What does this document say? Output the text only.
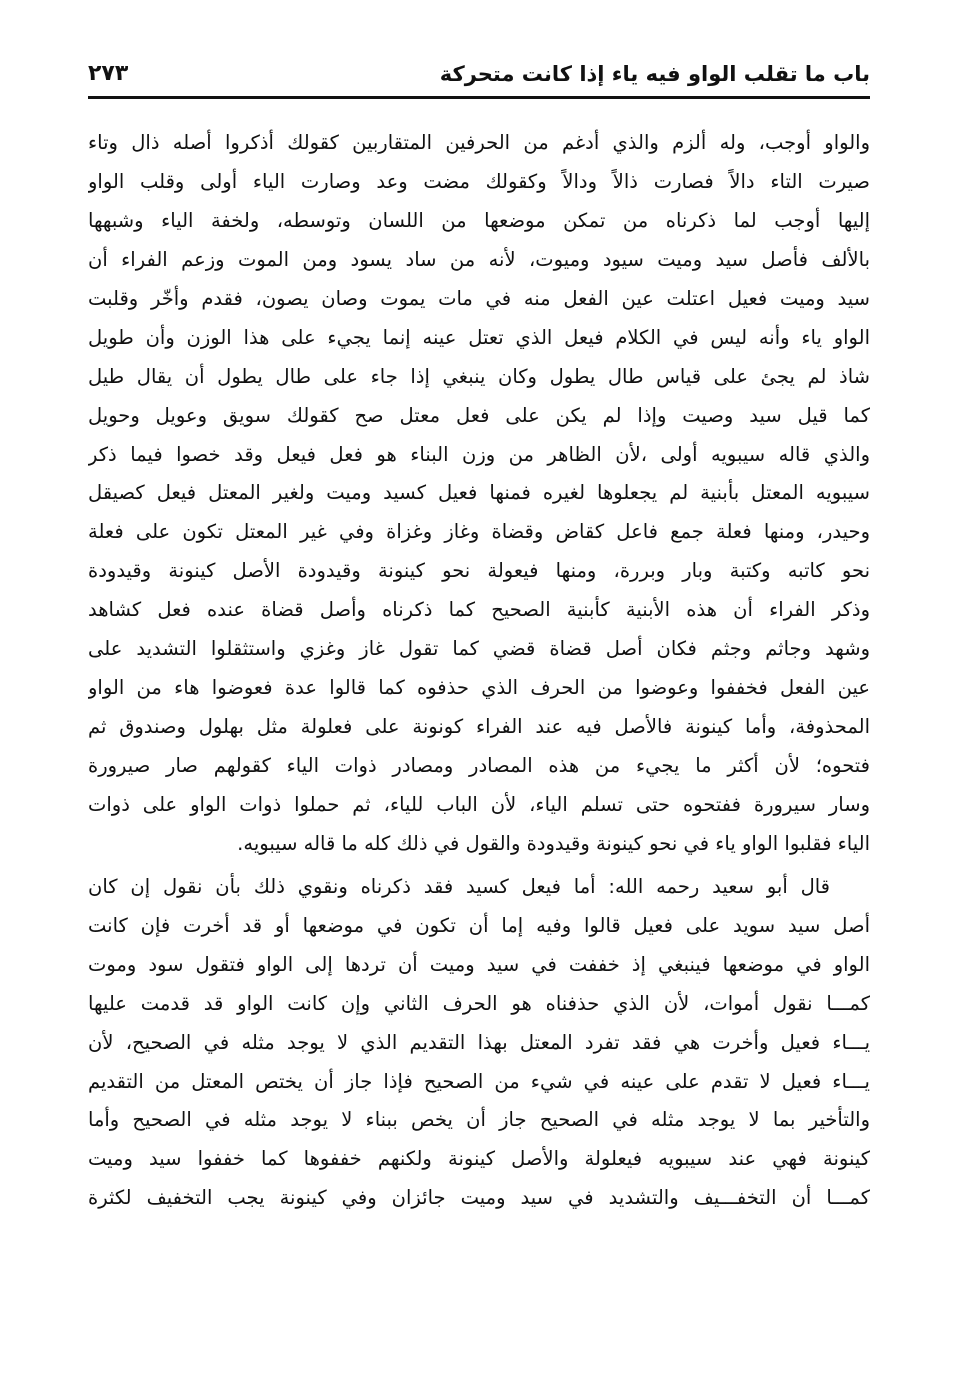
باب ما تقلب الواو فيه ياء إذا كانت متحركة
٢٧٣
والواو أوجب، وله ألزم والذي أدغم من الحرفين المتقاربين كقولك أذكروا أصله ذال وتاء
صيرت التاء دالاً فصارت ذالاً ودالاً وكقولك مضت وعد وصارت الياء أولى وقلب الواو
إليها أوجب لما ذكرناه من تمكن موضعها من اللسان وتوسطه، ولخفة الياء وشبهها
بالألف فأصل سيد وميت سيود وميوت، لأنه من ساد يسود ومن الموت وزعم الفراء أن
سيد وميت فعيل اعتلت عين الفعل منه في مات يموت وصان يصون، فقدم وأخّر وقلبت
الواو ياء وأنه ليس في الكلام فيعل الذي تعتل عينه إنما يجيء على هذا الوزن وأن طويل
شاذ لم يجئ على قياس طال يطول وكان ينبغي إذا جاء على طال يطول أن يقال طيل
كما قيل سيد وصيت وإذا لم يكن على فعل معتل صح كقولك سويق وعويل وحويل
والذي قاله سيبويه أولى ،لأن الظاهر من وزن البناء هو فعل فيعل وقد خصوا فيما ذكر
سيبويه المعتل بأبنية لم يجعلوها لغيره فمنها فعيل كسيد وميت ولغير المعتل فيعل كصيقل
وحيدر، ومنها فعلة جمع فاعل كقاض وقضاة وغاز وغزاة وفي غير المعتل تكون على فعلة
نحو كاتبه وكتبة وبار وبررة، ومنها فيعولة نحو كينونة وقيدودة الأصل كينونة وقيدودة
وذكر الفراء أن هذه الأبنية كأبنية الصحيح كما ذكرناه وأصل قضاة عنده فعل كشاهد
وشهد وجاثم وجثم فكان أصل قضاة قضي كما تقول غاز وغزي واستثقلوا التشديد على
عين الفعل فخففوا وعوضوا من الحرف الذي حذفوه كما قالوا عدة فعوضوا هاء من الواو
المحذوفة، وأما كينونة فالأصل فيه عند الفراء كونونة على فعلولة مثل بهلول وصندوق ثم
فتحوه؛ لأن أكثر ما يجيء من هذه المصادر ومصادر ذوات الياء كقولهم صار صيرورة
وسار سيرورة ففتحوه حتى تسلم الياء، لأن الباب للياء، ثم حملوا ذوات الواو على ذوات
الياء فقلبوا الواو ياء في نحو كينونة وقيدودة والقول في ذلك كله ما قاله سيبويه.
قال أبو سعيد رحمه الله: أما فيعل كسيد فقد ذكرناه ونقوي ذلك بأن نقول إن كان
أصل سيد سويد على فعيل قالوا وفيه إما أن تكون في موضعها أو قد أخرت فإن كانت
الواو في موضعها فينبغي إذ خففت في سيد وميت أن تردها إلى الواو فتقول سود وموت
كمـــا نقول أموات، لأن الذي حذفناه هو الحرف الثاني وإن كانت الواو قد قدمت عليها
يـــاء فعيل وأخرت هي فقد تفرد المعتل بهذا التقديم الذي لا يوجد مثله في الصحيح، لأن
يـــاء فعيل لا تقدم على عينه في شيء من الصحيح فإذا جاز أن يختص المعتل من التقديم
والتأخير بما لا يوجد مثله في الصحيح جاز أن يخص ببناء لا يوجد مثله في الصحيح وأما
كينونة فهي عند سيبويه فيعلولة والأصل كينونة ولكنهم خففوها كما خففوا سيد وميت
كمـــا أن التخفـــيف والتشديد في سيد وميت جائزان وفي كينونة يجب التخفيف لكثرة
